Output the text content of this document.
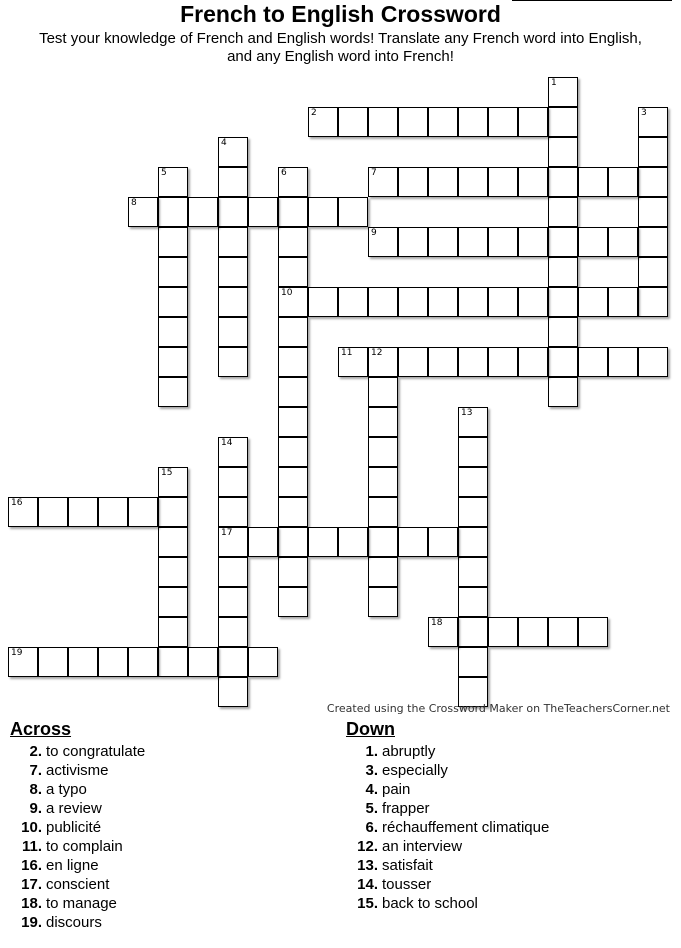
French to English Crossword
Test your knowledge of French and English words! Translate any French word into English,
and any English word into French!
1
2	3
4
5	6
10
7
8
9
11 12
13
14
17
15
16
18
19
Created using the Crossword Maker on TheTeachersCorner.net
Across
2. to congratulate
7. activisme
8. a typo
9. a review
10. publicité
11. to complain
16. en ligne
17. conscient
18. to manage
19. discours
Down
1. abruptly
3. especially
4. pain
5. frapper
6. réchauffement climatique
12. an interview
13. satisfait
14. tousser
15. back to school
